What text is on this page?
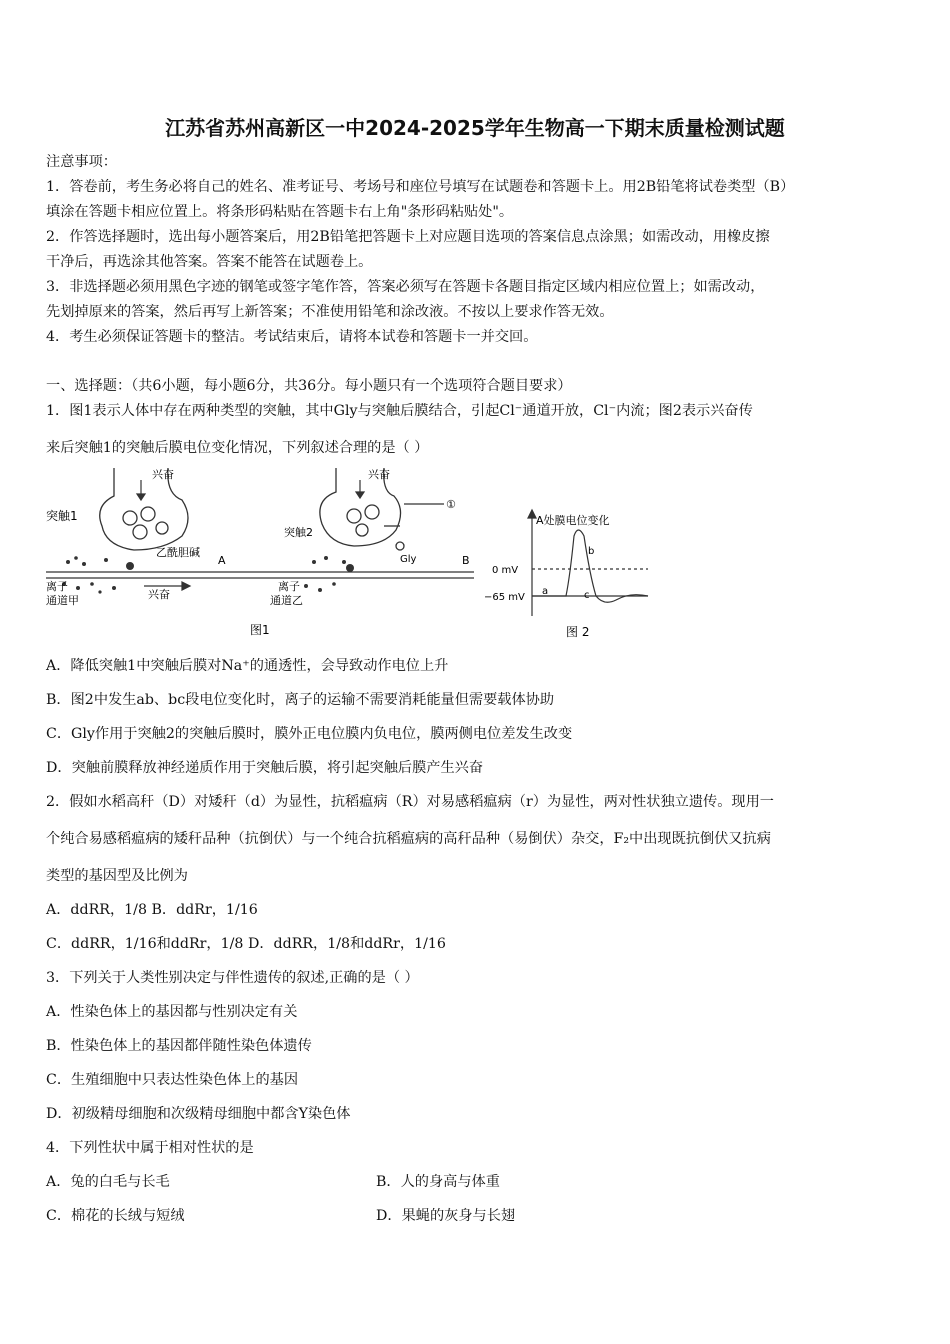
江苏省苏州高新区一中2024-2025学年生物高一下期末质量检测试题
注意事项：
1．答卷前，考生务必将自己的姓名、准考证号、考场号和座位号填写在试题卷和答题卡上。用2B铅笔将试卷类型（B）
填涂在答题卡相应位置上。将条形码粘贴在答题卡右上角"条形码粘贴处"。
2．作答选择题时，选出每小题答案后，用2B铅笔把答题卡上对应题目选项的答案信息点涂黑；如需改动，用橡皮擦
干净后，再选涂其他答案。答案不能答在试题卷上。
3．非选择题必须用黑色字迹的钢笔或签字笔作答，答案必须写在答题卡各题目指定区域内相应位置上；如需改动，
先划掉原来的答案，然后再写上新答案；不准使用铅笔和涂改液。不按以上要求作答无效。
4．考生必须保证答题卡的整洁。考试结束后，请将本试卷和答题卡一并交回。
一、选择题：（共6小题，每小题6分，共36分。每小题只有一个选项符合题目要求）
1．图1表示人体中存在两种类型的突触，其中Gly与突触后膜结合，引起Cl⁻通道开放，Cl⁻内流；图2表示兴奋传
来后突触1的突触后膜电位变化情况，下列叙述合理的是（ ）
突触1
兴奋
乙酰胆碱
离子
通道甲	兴奋
A
突触2
兴奋
①
Gly
离子
通道乙
B
图1
A处膜电位变化
0 mV
−65 mV
a
b
c
图 2
A．降低突触1中突触后膜对Na⁺的通透性，会导致动作电位上升
B．图2中发生ab、bc段电位变化时，离子的运输不需要消耗能量但需要载体协助
C．Gly作用于突触2的突触后膜时，膜外正电位膜内负电位，膜两侧电位差发生改变
D．突触前膜释放神经递质作用于突触后膜，将引起突触后膜产生兴奋
2．假如水稻高秆（D）对矮秆（d）为显性，抗稻瘟病（R）对易感稻瘟病（r）为显性，两对性状独立遗传。现用一
个纯合易感稻瘟病的矮秆品种（抗倒伏）与一个纯合抗稻瘟病的高秆品种（易倒伏）杂交，F₂中出现既抗倒伏又抗病
类型的基因型及比例为
A．ddRR，1/8 B．ddRr，1/16
C．ddRR，1/16和ddRr，1/8 D．ddRR，1/8和ddRr，1/16
3．下列关于人类性别决定与伴性遗传的叙述,正确的是（ ）
A．性染色体上的基因都与性别决定有关
B．性染色体上的基因都伴随性染色体遗传
C．生殖细胞中只表达性染色体上的基因
D．初级精母细胞和次级精母细胞中都含Y染色体
4．下列性状中属于相对性状的是
A．兔的白毛与长毛	B．人的身高与体重
C．棉花的长绒与短绒	D．果蝇的灰身与长翅
